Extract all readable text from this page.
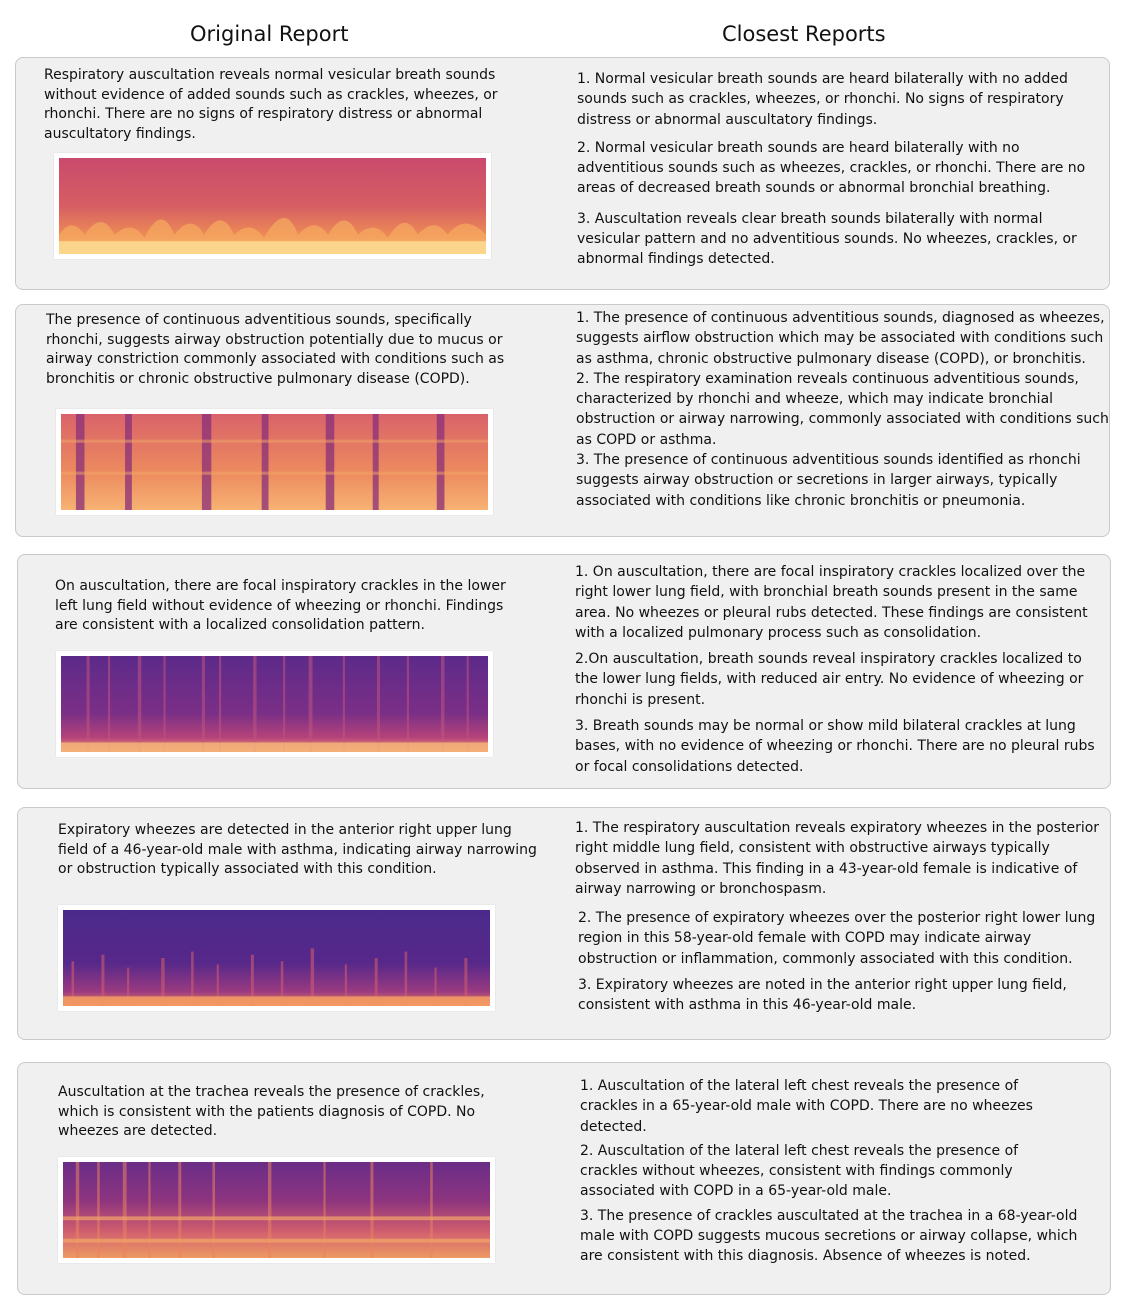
Original Report	Closest Reports
Respiratory auscultation reveals normal vesicular breath sounds without evidence of added sounds such as crackles, wheezes, or rhonchi. There are no signs of respiratory distress or abnormal auscultatory findings.

1. Normal vesicular breath sounds are heard bilaterally with no added sounds such as crackles, wheezes, or rhonchi. No signs of respiratory distress or abnormal auscultatory findings.

2. Normal vesicular breath sounds are heard bilaterally with no adventitious sounds such as wheezes, crackles, or rhonchi. There are no areas of decreased breath sounds or abnormal bronchial breathing.

3. Auscultation reveals clear breath sounds bilaterally with normal vesicular pattern and no adventitious sounds. No wheezes, crackles, or abnormal findings detected.

The presence of continuous adventitious sounds, specifically rhonchi, suggests airway obstruction potentially due to mucus or airway constriction commonly associated with conditions such as bronchitis or chronic obstructive pulmonary disease (COPD).

1. The presence of continuous adventitious sounds, diagnosed as wheezes, suggests airflow obstruction which may be associated with conditions such as asthma, chronic obstructive pulmonary disease (COPD), or bronchitis.

2. The respiratory examination reveals continuous adventitious sounds, characterized by rhonchi and wheeze, which may indicate bronchial obstruction or airway narrowing, commonly associated with conditions such as COPD or asthma.

3. The presence of continuous adventitious sounds identified as rhonchi suggests airway obstruction or secretions in larger airways, typically associated with conditions like chronic bronchitis or pneumonia.

On auscultation, there are focal inspiratory crackles in the lower left lung field without evidence of wheezing or rhonchi. Findings are consistent with a localized consolidation pattern.

1. On auscultation, there are focal inspiratory crackles localized over the right lower lung field, with bronchial breath sounds present in the same area. No wheezes or pleural rubs detected. These findings are consistent with a localized pulmonary process such as consolidation.

2.On auscultation, breath sounds reveal inspiratory crackles localized to the lower lung fields, with reduced air entry. No evidence of wheezing or rhonchi is present.

3. Breath sounds may be normal or show mild bilateral crackles at lung bases, with no evidence of wheezing or rhonchi. There are no pleural rubs or focal consolidations detected.

Expiratory wheezes are detected in the anterior right upper lung field of a 46-year-old male with asthma, indicating airway narrowing or obstruction typically associated with this condition.

1. The respiratory auscultation reveals expiratory wheezes in the posterior right middle lung field, consistent with obstructive airways typically observed in asthma. This finding in a 43-year-old female is indicative of airway narrowing or bronchospasm.

2. The presence of expiratory wheezes over the posterior right lower lung region in this 58-year-old female with COPD may indicate airway obstruction or inflammation, commonly associated with this condition.

3. Expiratory wheezes are noted in the anterior right upper lung field, consistent with asthma in this 46-year-old male.

Auscultation at the trachea reveals the presence of crackles, which is consistent with the patients diagnosis of COPD. No wheezes are detected.

1. Auscultation of the lateral left chest reveals the presence of crackles in a 65-year-old male with COPD. There are no wheezes detected.

2. Auscultation of the lateral left chest reveals the presence of crackles without wheezes, consistent with findings commonly associated with COPD in a 65-year-old male.

3. The presence of crackles auscultated at the trachea in a 68-year-old male with COPD suggests mucous secretions or airway collapse, which are consistent with this diagnosis. Absence of wheezes is noted.
